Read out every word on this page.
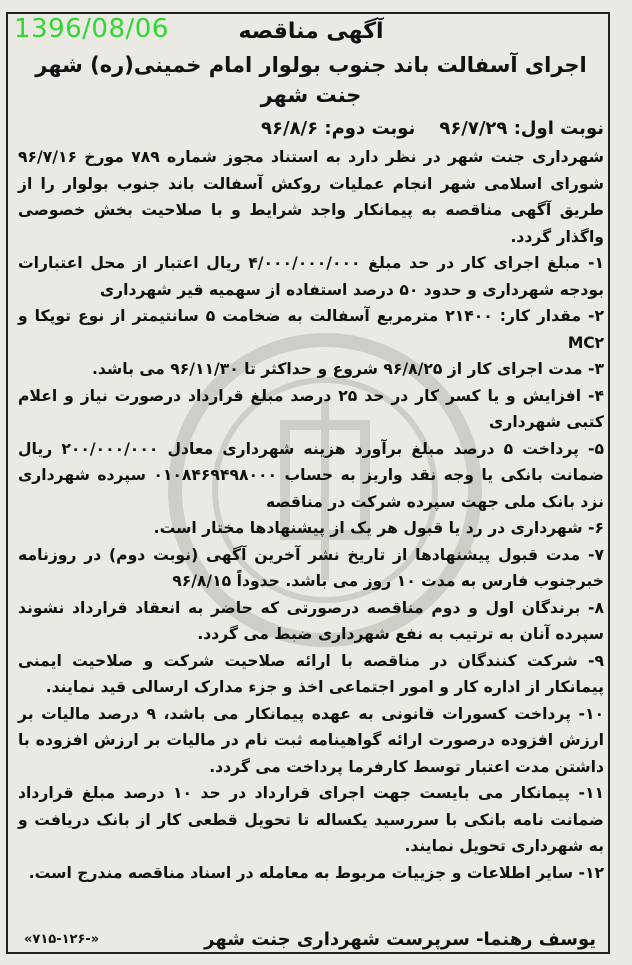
1396/08/06	آگهی مناقصه
اجرای آسفالت باند جنوب بولوار امام خمینی(ره) شهر جنت شهر
نوبت اول: ۹۶/۷/۲۹
نوبت دوم: ۹۶/۸/۶

شهرداری جنت شهر در نظر دارد به استناد مجوز شماره ۷۸۹ مورخ ۹۶/۷/۱۶ شورای اسلامی شهر انجام عملیات روکش آسفالت باند جنوب بولوار را از طریق آگهی مناقصه به پیمانکار واجد شرایط و با صلاحیت بخش خصوصی واگذار گردد.

۱- مبلغ اجرای کار در حد مبلغ ۴/۰۰۰/۰۰۰/۰۰۰ ریال اعتبار از محل اعتبارات بودجه شهرداری و حدود ۵۰ درصد استفاده از سهمیه قیر شهرداری

۲- مقدار کار: ۲۱۴۰۰ مترمربع آسفالت به ضخامت ۵ سانتیمتر از نوع توپکا و MC۲

۳- مدت اجرای کار از ۹۶/۸/۲۵ شروع و حداکثر تا ۹۶/۱۱/۳۰ می باشد.

۴- افزایش و یا کسر کار در حد ۲۵ درصد مبلغ قرارداد درصورت نیاز و اعلام کتبی شهرداری

۵- پرداخت ۵ درصد مبلغ برآورد هزینه شهرداری معادل ۲۰۰/۰۰۰/۰۰۰ ریال ضمانت بانکی یا وجه نقد واریز به حساب ۰۱۰۸۴۶۹۴۹۸۰۰۰ سپرده شهرداری نزد بانک ملی جهت سپرده شرکت در مناقصه

۶- شهرداری در رد یا قبول هر یک از پیشنهادها مختار است.

۷- مدت قبول پیشنهادها از تاریخ نشر آخرین آگهی (نوبت دوم) در روزنامه خبرجنوب فارس به مدت ۱۰ روز می باشد. حدوداً ۹۶/۸/۱۵

۸- برندگان اول و دوم مناقصه درصورتی که حاضر به انعقاد قرارداد نشوند سپرده آنان به ترتیب به نفع شهرداری ضبط می گردد.

۹- شرکت کنندگان در مناقصه با ارائه صلاحیت شرکت و صلاحیت ایمنی پیمانکار از اداره کار و امور اجتماعی اخذ و جزء مدارک ارسالی قید نمایند.

۱۰- پرداخت کسورات قانونی به عهده پیمانکار می باشد، ۹ درصد مالیات بر ارزش افزوده درصورت ارائه گواهینامه ثبت نام در مالیات بر ارزش افزوده با داشتن مدت اعتبار توسط کارفرما پرداخت می گردد.

۱۱- پیمانکار می بایست جهت اجرای قرارداد در حد ۱۰ درصد مبلغ قرارداد ضمانت نامه بانکی با سررسید یکساله تا تحویل قطعی کار از بانک دریافت و به شهرداری تحویل نمایند.

۱۲- سایر اطلاعات و جزییات مربوط به معامله در اسناد مناقصه مندرج است.

یوسف رهنما- سرپرست شهرداری جنت شهر
«۷۱۵-۱۲۶-»
